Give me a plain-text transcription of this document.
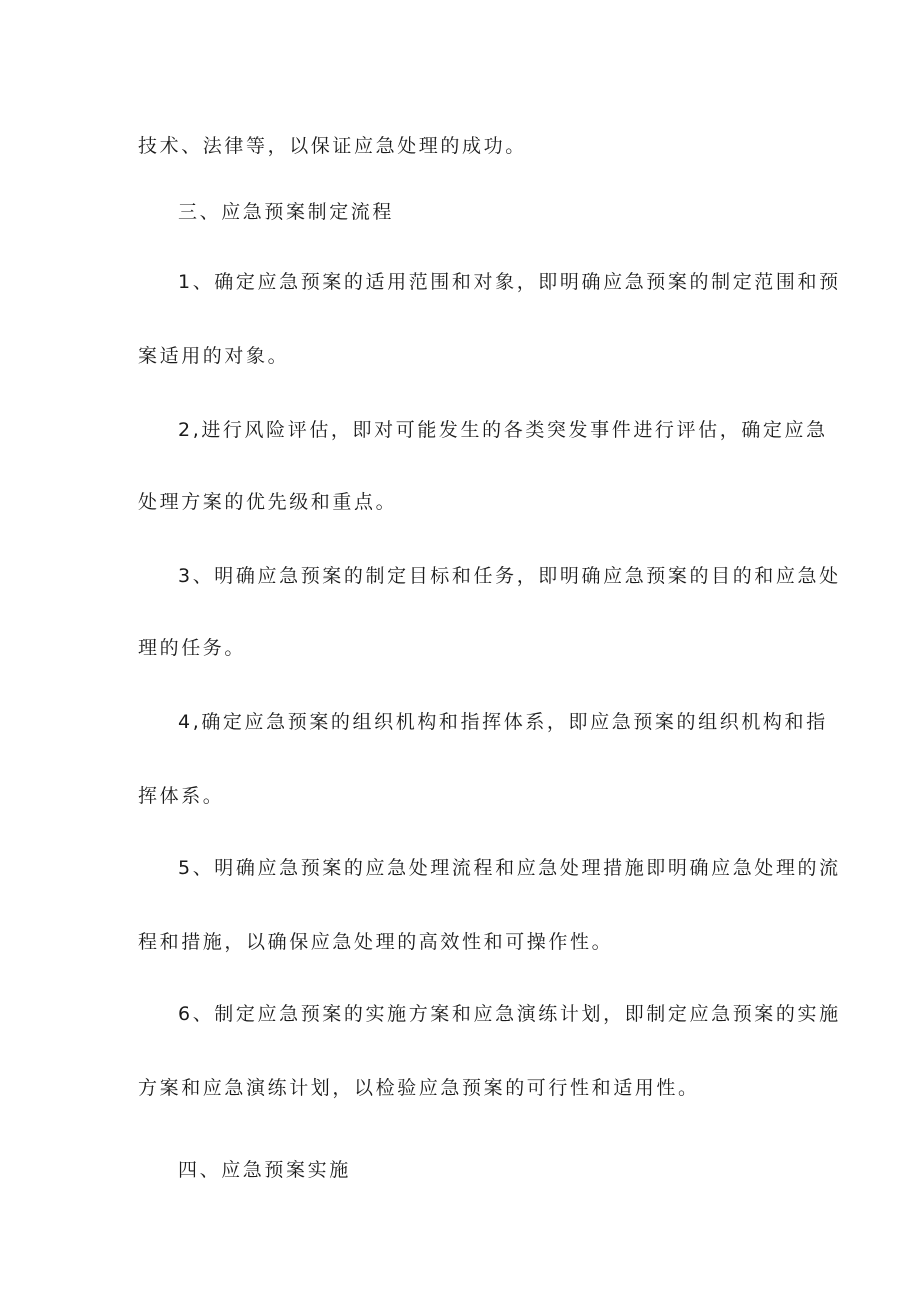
技术、法律等，以保证应急处理的成功。
三、应急预案制定流程
1、确定应急预案的适用范围和对象，即明确应急预案的制定范围和预
案适用的对象。
2,进行风险评估，即对可能发生的各类突发事件进行评估，确定应急
处理方案的优先级和重点。
3、明确应急预案的制定目标和任务，即明确应急预案的目的和应急处
理的任务。
4,确定应急预案的组织机构和指挥体系，即应急预案的组织机构和指
挥体系。
5、明确应急预案的应急处理流程和应急处理措施即明确应急处理的流
程和措施，以确保应急处理的高效性和可操作性。
6、制定应急预案的实施方案和应急演练计划，即制定应急预案的实施
方案和应急演练计划，以检验应急预案的可行性和适用性。
四、应急预案实施
